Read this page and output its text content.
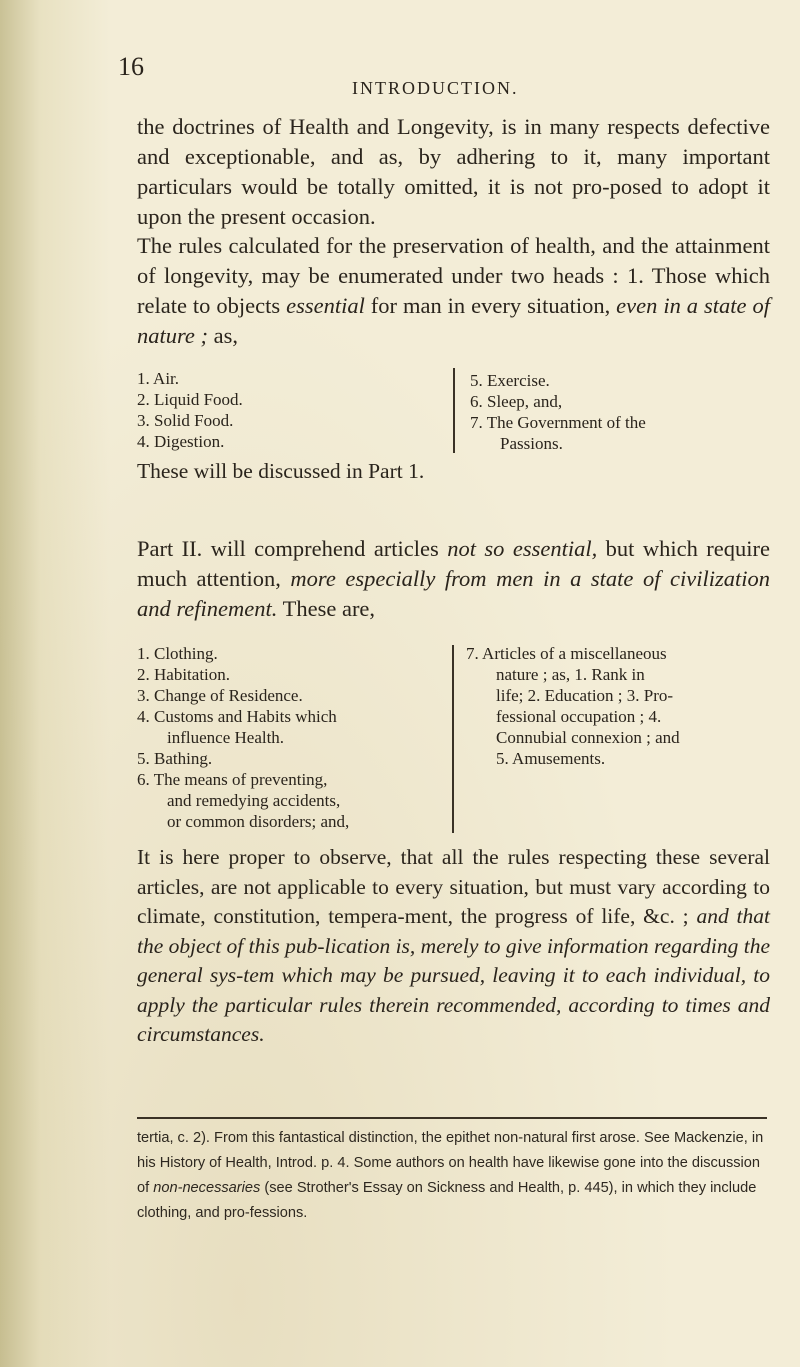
16
INTRODUCTION.

the doctrines of Health and Longevity, is in many respects defective and exceptionable, and as, by adhering to it, many important particulars would be totally omitted, it is not pro-posed to adopt it upon the present occasion.

The rules calculated for the preservation of health, and the attainment of longevity, may be enumerated under two heads : 1. Those which relate to objects essential for man in every situation, even in a state of nature ; as,

1. Air.
2. Liquid Food.
3. Solid Food.
4. Digestion.
5. Exercise.
6. Sleep, and,
7. The Government of the
Passions.

These will be discussed in Part 1.

Part II. will comprehend articles not so essential, but which require much attention, more especially from men in a state of civilization and refinement. These are,

1. Clothing.
2. Habitation.
3. Change of Residence.
4. Customs and Habits which
influence Health.
5. Bathing.
6. The means of preventing,
and remedying accidents,
or common disorders; and,
7. Articles of a miscellaneous
nature ; as, 1. Rank in
life; 2. Education ; 3. Pro-
fessional occupation ; 4.
Connubial connexion ; and
5. Amusements.

It is here proper to observe, that all the rules respecting these several articles, are not applicable to every situation, but must vary according to climate, constitution, tempera-ment, the progress of life, &c. ; and that the object of this pub-lication is, merely to give information regarding the general sys-tem which may be pursued, leaving it to each individual, to apply the particular rules therein recommended, according to times and circumstances.

tertia, c. 2). From this fantastical distinction, the epithet non-natural first arose. See Mackenzie, in his History of Health, Introd. p. 4. Some authors on health have likewise gone into the discussion of non-necessaries (see Strother's Essay on Sickness and Health, p. 445), in which they include clothing, and pro-fessions.
